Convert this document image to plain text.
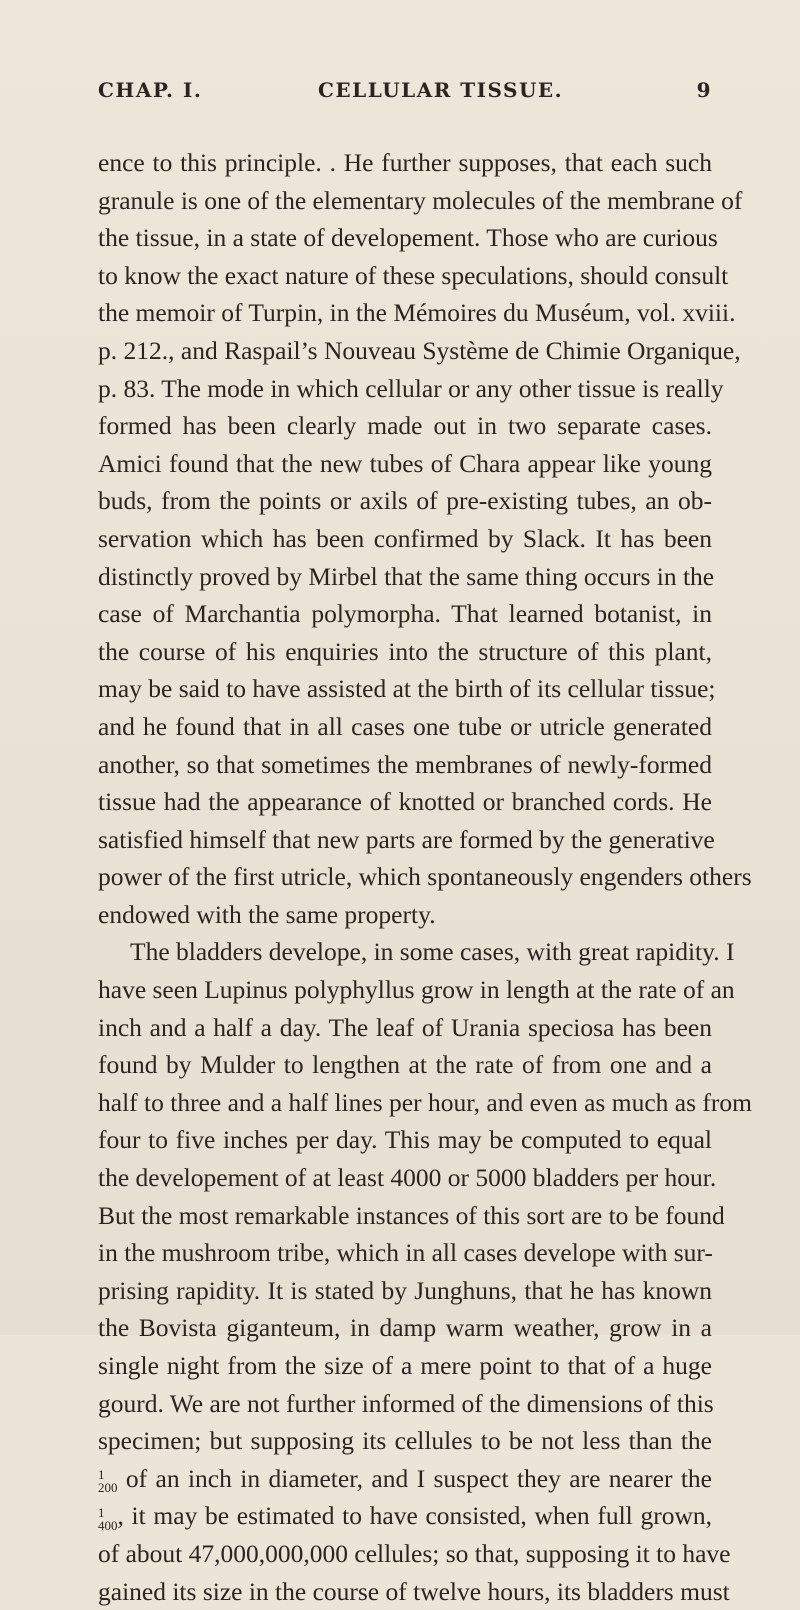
CHAP. I.	CELLULAR TISSUE.	9
ence to this principle. . He further supposes, that each such
granule is one of the elementary molecules of the membrane of
the tissue, in a state of developement. Those who are curious
to know the exact nature of these speculations, should consult
the memoir of Turpin, in the Mémoires du Muséum, vol. xviii.
p. 212., and Raspail’s Nouveau Système de Chimie Organique,
p. 83. The mode in which cellular or any other tissue is really
formed has been clearly made out in two separate cases.
Amici found that the new tubes of Chara appear like young
buds, from the points or axils of pre-existing tubes, an ob-
servation which has been confirmed by Slack. It has been
distinctly proved by Mirbel that the same thing occurs in the
case of Marchantia polymorpha. That learned botanist, in
the course of his enquiries into the structure of this plant,
may be said to have assisted at the birth of its cellular tissue;
and he found that in all cases one tube or utricle generated
another, so that sometimes the membranes of newly-formed
tissue had the appearance of knotted or branched cords. He
satisfied himself that new parts are formed by the generative
power of the first utricle, which spontaneously engenders others
endowed with the same property.
The bladders develope, in some cases, with great rapidity. I
have seen Lupinus polyphyllus grow in length at the rate of an
inch and a half a day. The leaf of Urania speciosa has been
found by Mulder to lengthen at the rate of from one and a
half to three and a half lines per hour, and even as much as from
four to five inches per day. This may be computed to equal
the developement of at least 4000 or 5000 bladders per hour.
But the most remarkable instances of this sort are to be found
in the mushroom tribe, which in all cases develope with sur-
prising rapidity. It is stated by Junghuns, that he has known
the Bovista giganteum, in damp warm weather, grow in a
single night from the size of a mere point to that of a huge
gourd. We are not further informed of the dimensions of this
specimen; but supposing its cellules to be not less than the
1
200 of an inch in diameter, and I suspect they are nearer the
1
400 , it may be estimated to have consisted, when full grown,
of about 47,000,000,000 cellules; so that, supposing it to have
gained its size in the course of twelve hours, its bladders must
